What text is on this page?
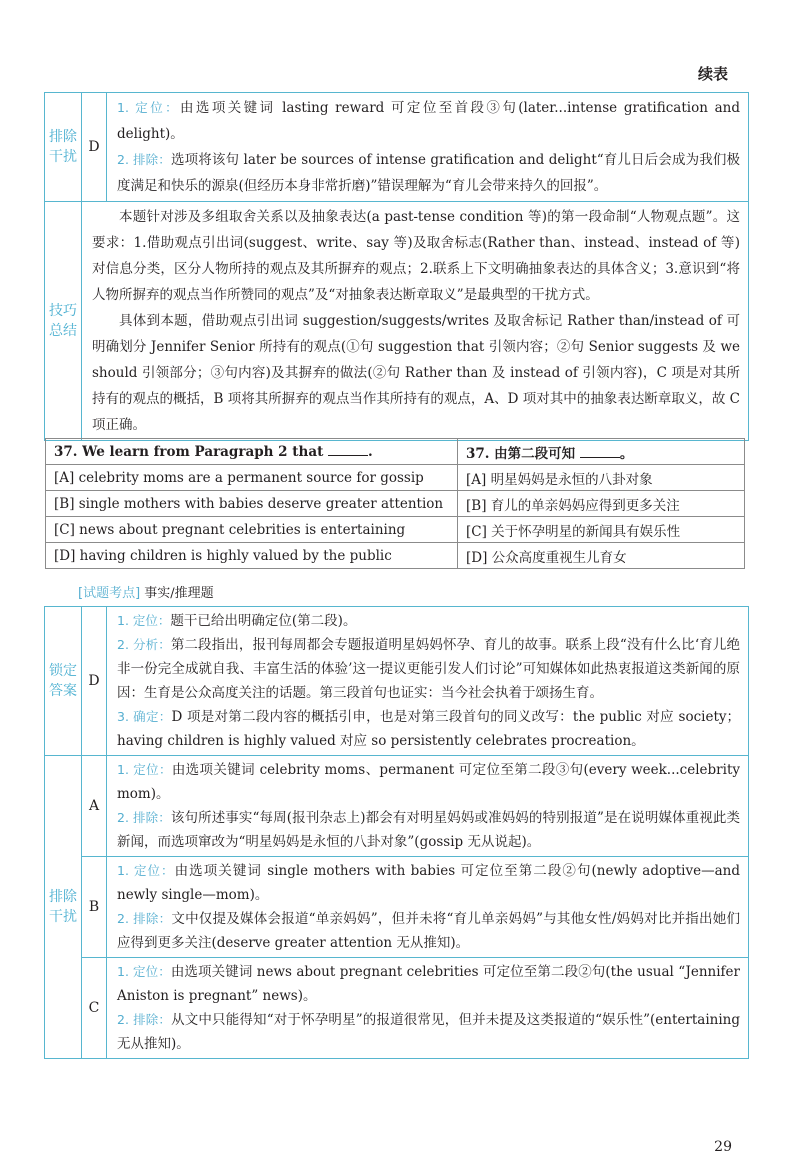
续表
排除干扰	D	1. 定位：由选项关键词 lasting reward 可定位至首段③句(later...intense gratification and delight)。

2. 排除：选项将该句 later be sources of intense gratification and delight“育儿日后会成为我们极度满足和快乐的源泉(但经历本身非常折磨)”错误理解为“育儿会带来持久的回报”。

技巧总结	本题针对涉及多组取舍关系以及抽象表达(a past-tense condition 等)的第一段命制“人物观点题”。这要求：1.借助观点引出词(suggest、write、say 等)及取舍标志(Rather than、instead、instead of 等)对信息分类，区分人物所持的观点及其所摒弃的观点；2.联系上下文明确抽象表达的具体含义；3.意识到“将人物所摒弃的观点当作所赞同的观点”及“对抽象表达断章取义”是最典型的干扰方式。

具体到本题，借助观点引出词 suggestion/suggests/writes 及取舍标记 Rather than/instead of 可明确划分 Jennifer Senior 所持有的观点(①句 suggestion that 引领内容；②句 Senior suggests 及 we should 引领部分；③句内容)及其摒弃的做法(②句 Rather than 及 instead of 引领内容)，C 项是对其所持有的观点的概括，B 项将其所摒弃的观点当作其所持有的观点，A、D 项对其中的抽象表达断章取义，故 C 项正确。	

37. We learn from Paragraph 2 that .	37. 由第二段可知 。
[A] celebrity moms are a permanent source for gossip	[A] 明星妈妈是永恒的八卦对象
[B] single mothers with babies deserve greater attention	[B] 育儿的单亲妈妈应得到更多关注
[C] news about pregnant celebrities is entertaining	[C] 关于怀孕明星的新闻具有娱乐性
[D] having children is highly valued by the public	[D] 公众高度重视生儿育女
[试题考点] 事实/推理题
锁定答案	D	1. 定位：题干已给出明确定位(第二段)。

2. 分析：第二段指出，报刊每周都会专题报道明星妈妈怀孕、育儿的故事。联系上段“没有什么比‘育儿绝非一份完全成就自我、丰富生活的体验’这一提议更能引发人们讨论”可知媒体如此热衷报道这类新闻的原因：生育是公众高度关注的话题。第三段首句也证实：当今社会执着于颂扬生育。

3. 确定：D 项是对第二段内容的概括引申，也是对第三段首句的同义改写：the public 对应 society；having children is highly valued 对应 so persistently celebrates procreation。

排除干扰	A	1. 定位：由选项关键词 celebrity moms、permanent 可定位至第二段③句(every week...celebrity mom)。

2. 排除：该句所述事实“每周(报刊杂志上)都会有对明星妈妈或准妈妈的特别报道”是在说明媒体重视此类新闻，而选项窜改为“明星妈妈是永恒的八卦对象”(gossip 无从说起)。

	B	1. 定位：由选项关键词 single mothers with babies 可定位至第二段②句(newly adoptive—and newly single—mom)。

2. 排除：文中仅提及媒体会报道“单亲妈妈”，但并未将“育儿单亲妈妈”与其他女性/妈妈对比并指出她们应得到更多关注(deserve greater attention 无从推知)。

	C	1. 定位：由选项关键词 news about pregnant celebrities 可定位至第二段②句(the usual “Jennifer Aniston is pregnant” news)。

2. 排除：从文中只能得知“对于怀孕明星”的报道很常见，但并未提及这类报道的“娱乐性”(entertaining 无从推知)。

29
